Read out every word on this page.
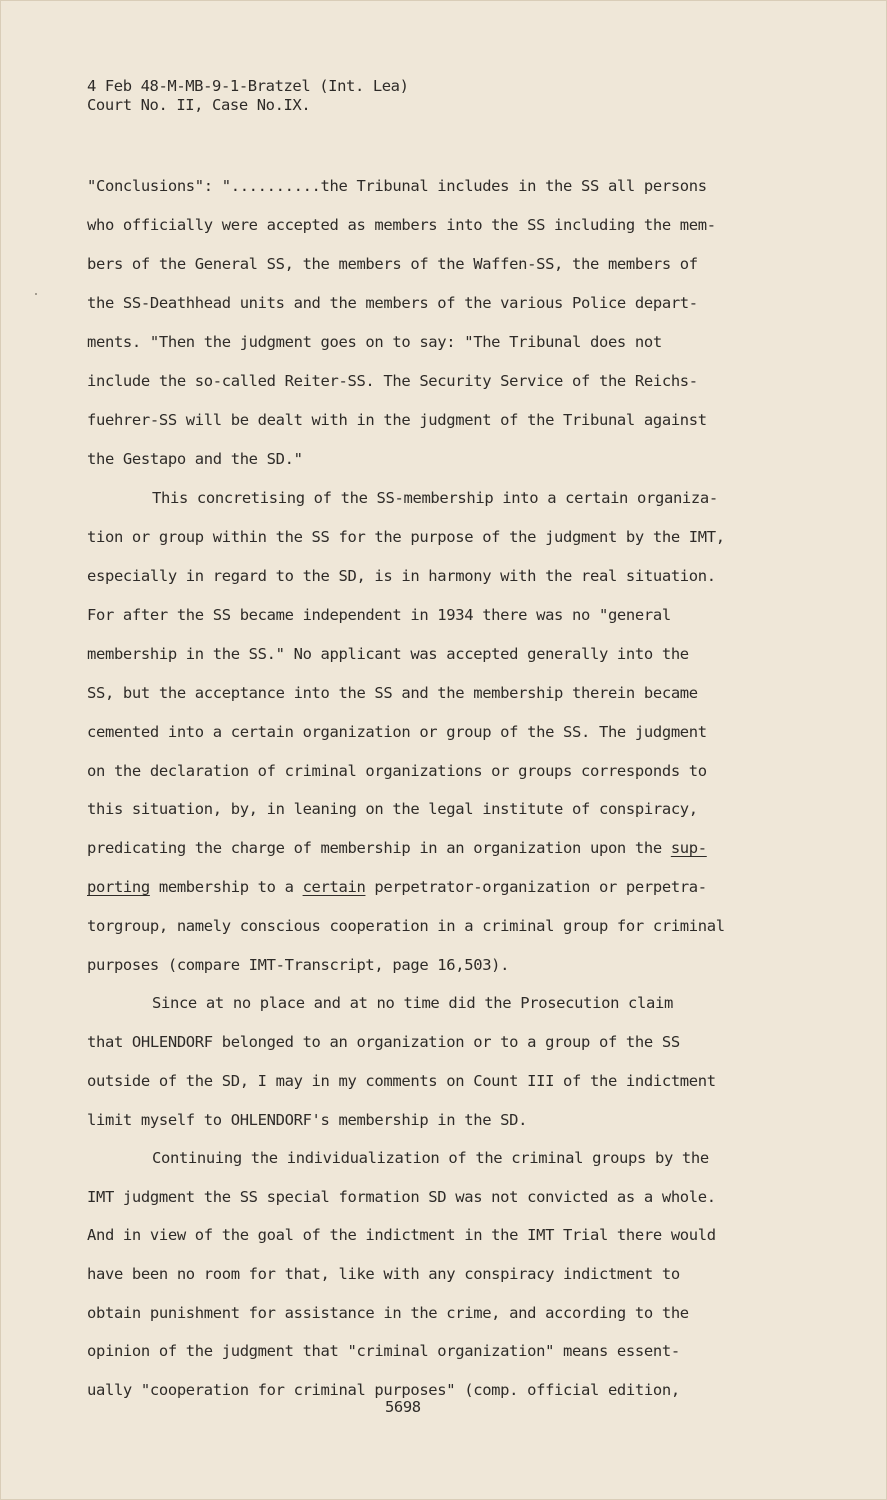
4 Feb 48-M-MB-9-1-Bratzel (Int. Lea)
Court No. II, Case No.IX.
"Conclusions": "..........the Tribunal includes in the SS all persons
who officially were accepted as members into the SS including the mem-
bers of the General SS, the members of the Waffen-SS, the members of
the SS-Deathhead units and the members of the various Police depart-
ments. "Then the judgment goes on to say: "The Tribunal does not
include the so-called Reiter-SS. The Security Service of the Reichs-
fuehrer-SS will be dealt with in the judgment of the Tribunal against
the Gestapo and the SD."
This concretising of the SS-membership into a certain organiza-
tion or group within the SS for the purpose of the judgment by the IMT,
especially in regard to the SD, is in harmony with the real situation.
For after the SS became independent in 1934 there was no "general
membership in the SS." No applicant was accepted generally into the
SS, but the acceptance into the SS and the membership therein became
cemented into a certain organization or group of the SS. The judgment
on the declaration of criminal organizations or groups corresponds to
this situation, by, in leaning on the legal institute of conspiracy,
predicating the charge of membership in an organization upon the sup-
porting membership to a certain perpetrator-organization or perpetra-
torgroup, namely conscious cooperation in a criminal group for criminal
purposes (compare IMT-Transcript, page 16,503).
Since at no place and at no time did the Prosecution claim
that OHLENDORF belonged to an organization or to a group of the SS
outside of the SD, I may in my comments on Count III of the indictment
limit myself to OHLENDORF's membership in the SD.
Continuing the individualization of the criminal groups by the
IMT judgment the SS special formation SD was not convicted as a whole.
And in view of the goal of the indictment in the IMT Trial there would
have been no room for that, like with any conspiracy indictment to
obtain punishment for assistance in the crime, and according to the
opinion of the judgment that "criminal organization" means essent-
ually "cooperation for criminal purposes" (comp. official edition,
5698
